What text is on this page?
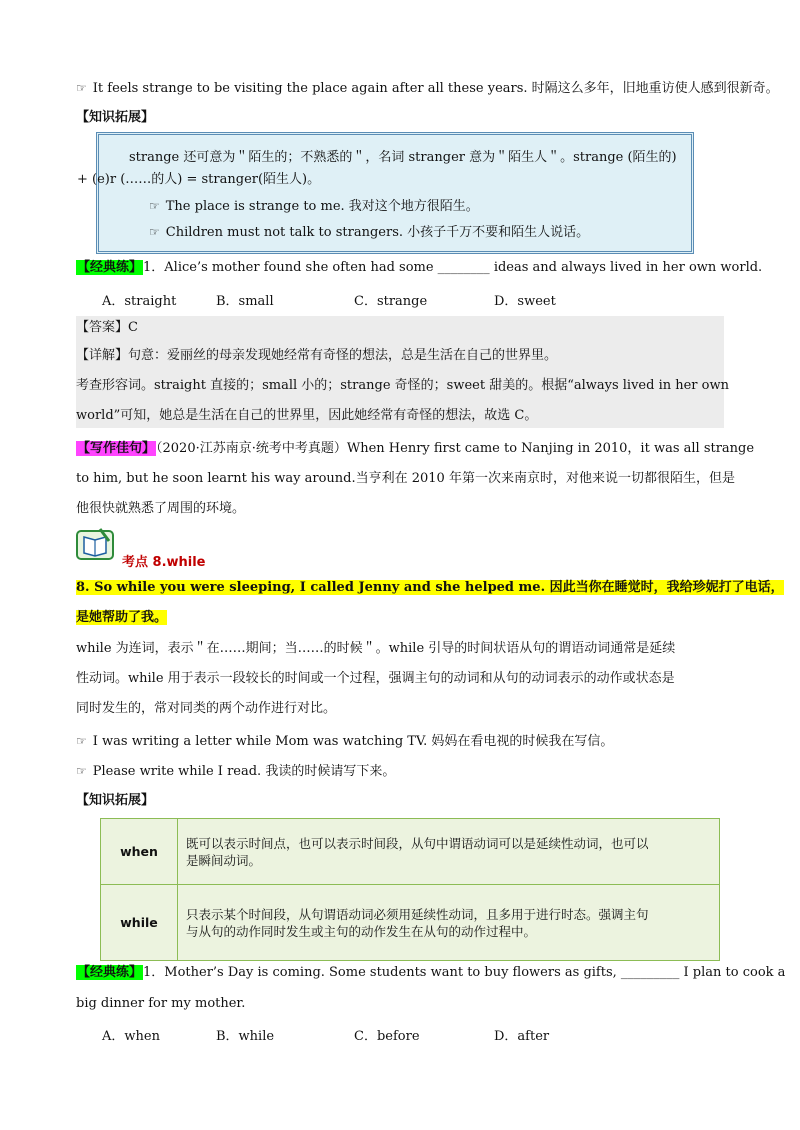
☞ It feels strange to be visiting the place again after all these years. 时隔这么多年，旧地重访使人感到很新奇。
【知识拓展】
strange 还可意为＂陌生的；不熟悉的＂，名词 stranger 意为＂陌生人＂。strange (陌生的)
+ (e)r (……的人) = stranger(陌生人)。
☞ The place is strange to me. 我对这个地方很陌生。
☞ Children must not talk to strangers. 小孩子千万不要和陌生人说话。
【经典练】1．Alice’s mother found she often had some ________ ideas and always lived in her own world.
A．straight	B．small	C．strange	D．sweet
【答案】C
【详解】句意：爱丽丝的母亲发现她经常有奇怪的想法，总是生活在自己的世界里。
考查形容词。straight 直接的；small 小的；strange 奇怪的；sweet 甜美的。根据“always lived in her own
world”可知，她总是生活在自己的世界里，因此她经常有奇怪的想法，故选 C。
【写作佳句】（2020·江苏南京·统考中考真题）When Henry first came to Nanjing in 2010，it was all strange
to him, but he soon learnt his way around.当亨利在 2010 年第一次来南京时，对他来说一切都很陌生，但是
他很快就熟悉了周围的环境。
考点 8.while
8. So while you were sleeping, I called Jenny and she helped me. 因此当你在睡觉时，我给珍妮打了电话，
是她帮助了我。
while 为连词，表示＂在……期间；当……的时候＂。while 引导的时间状语从句的谓语动词通常是延续
性动词。while 用于表示一段较长的时间或一个过程，强调主句的动词和从句的动词表示的动作或状态是
同时发生的，常对同类的两个动作进行对比。
☞ I was writing a letter while Mom was watching TV. 妈妈在看电视的时候我在写信。
☞ Please write while I read. 我读的时候请写下来。
【知识拓展】
when	既可以表示时间点，也可以表示时间段，从句中谓语动词可以是延续性动词，也可以
是瞬间动词。

while	只表示某个时间段，从句谓语动词必须用延续性动词，且多用于进行时态。强调主句
与从句的动作同时发生或主句的动作发生在从句的动作过程中。
【经典练】1．Mother’s Day is coming. Some students want to buy flowers as gifts, _________ I plan to cook a
big dinner for my mother.
A．when	B．while	C．before	D．after
